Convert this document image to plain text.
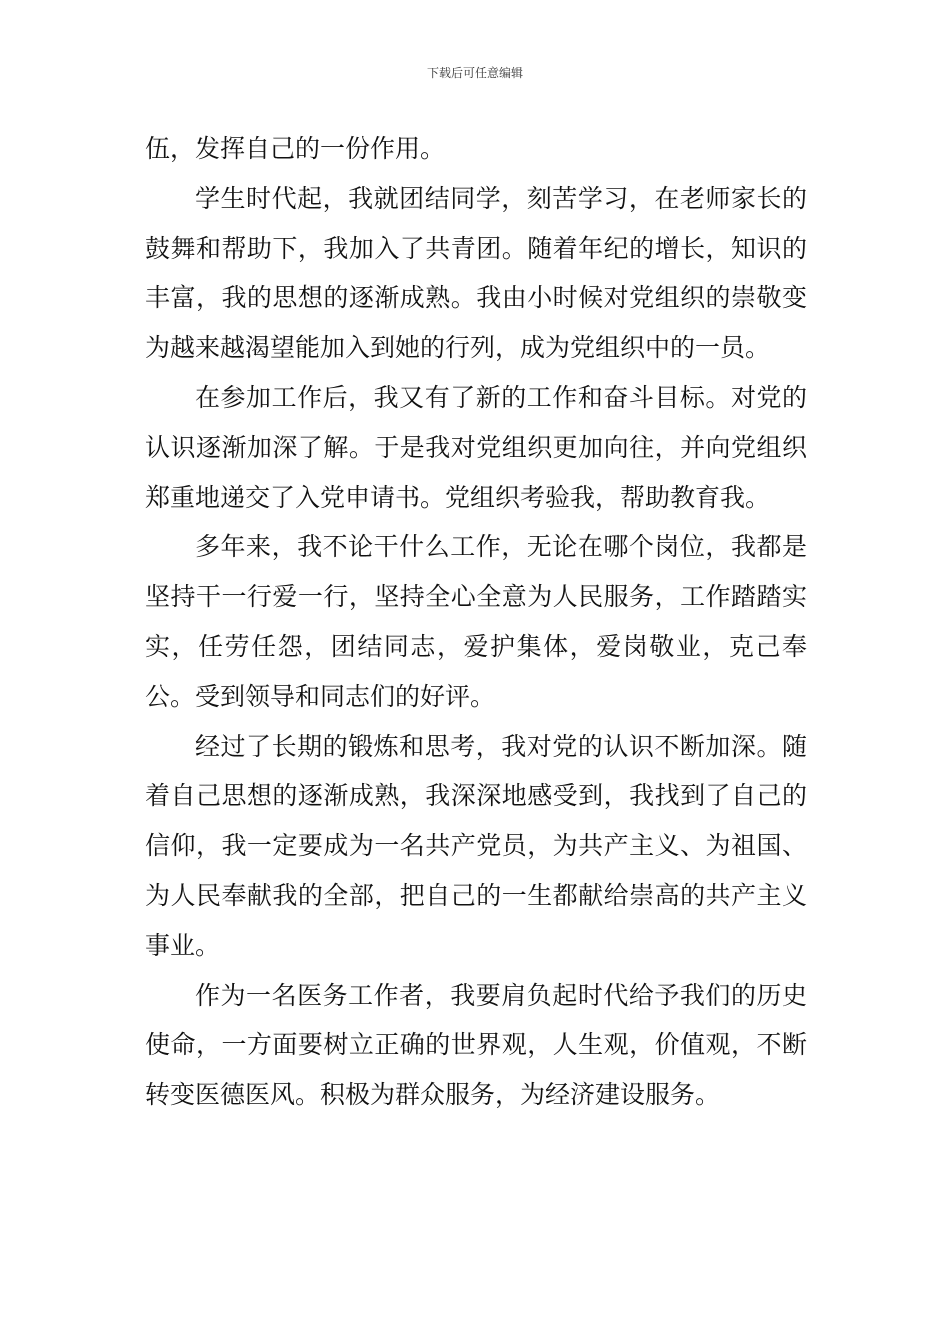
下载后可任意编辑

伍，发挥自己的一份作用。

学生时代起，我就团结同学，刻苦学习，在老师家长的鼓舞和帮助下，我加入了共青团。随着年纪的增长，知识的丰富，我的思想的逐渐成熟。我由小时候对党组织的崇敬变为越来越渴望能加入到她的行列，成为党组织中的一员。

在参加工作后，我又有了新的工作和奋斗目标。对党的认识逐渐加深了解。于是我对党组织更加向往，并向党组织郑重地递交了入党申请书。党组织考验我，帮助教育我。

多年来，我不论干什么工作，无论在哪个岗位，我都是坚持干一行爱一行，坚持全心全意为人民服务，工作踏踏实实，任劳任怨，团结同志，爱护集体，爱岗敬业，克己奉公。受到领导和同志们的好评。

经过了长期的锻炼和思考，我对党的认识不断加深。随着自己思想的逐渐成熟，我深深地感受到，我找到了自己的信仰，我一定要成为一名共产党员，为共产主义、为祖国、为人民奉献我的全部，把自己的一生都献给崇高的共产主义事业。

作为一名医务工作者，我要肩负起时代给予我们的历史使命，一方面要树立正确的世界观，人生观，价值观，不断转变医德医风。积极为群众服务，为经济建设服务。
